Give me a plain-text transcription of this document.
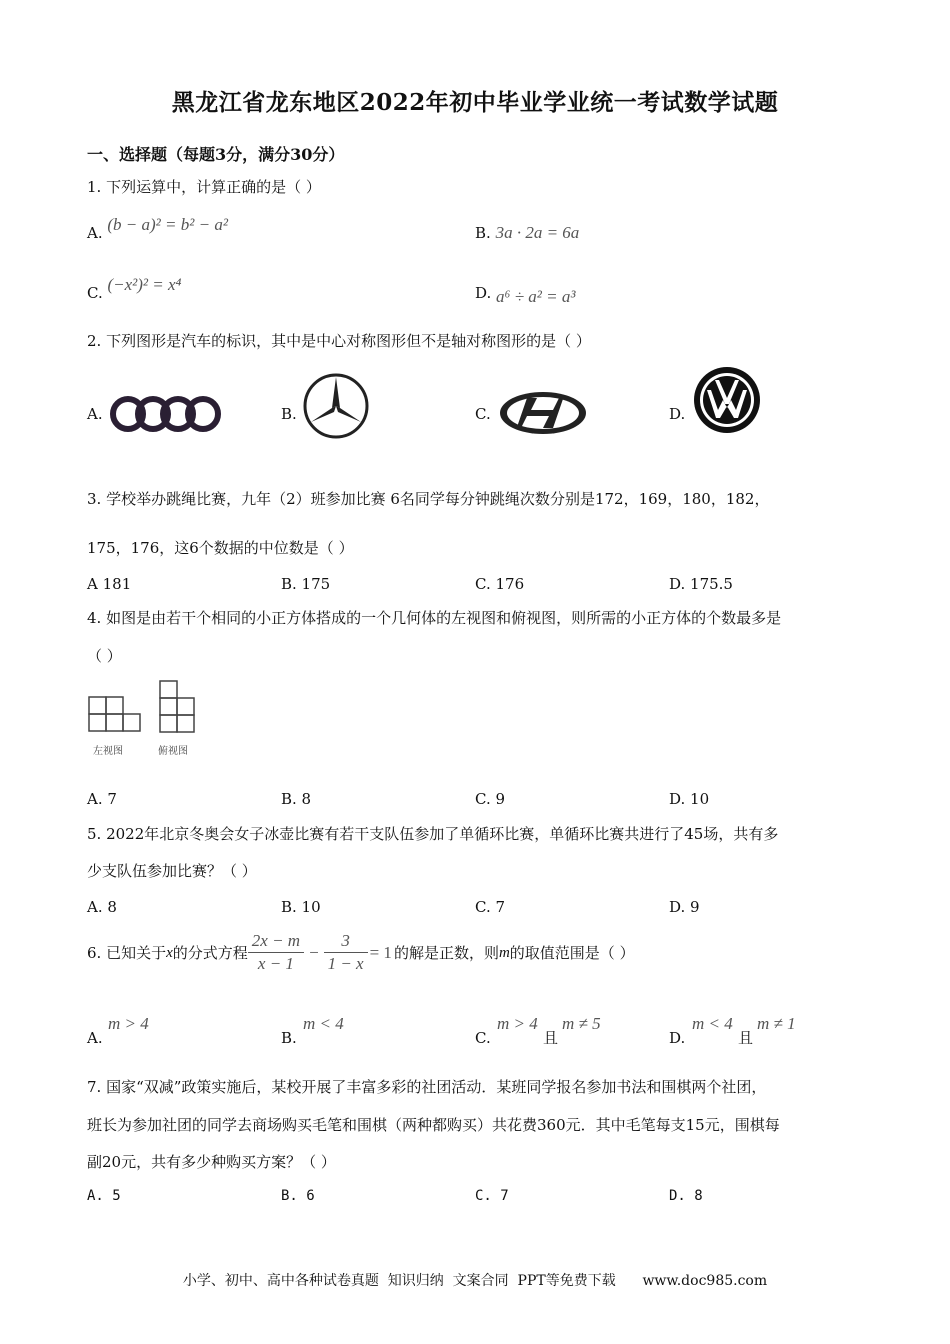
黑龙江省龙东地区2022年初中毕业学业统一考试数学试题
一、选择题（每题3分，满分30分）
1. 下列运算中，计算正确的是（ ）
A. (b − a)² = b² − a²	B. 3a · 2a = 6a
C. (−x²)² = x⁴	D. a⁶ ÷ a² = a³
2. 下列图形是汽车的标识，其中是中心对称图形但不是轴对称图形的是（ ）
A.	B.	C.	D.
3. 学校举办跳绳比赛，九年（2）班参加比赛 6名同学每分钟跳绳次数分别是172，169，180，182，
175，176，这6个数据的中位数是（ ）
A 181	B. 175	C. 176	D. 175.5
4. 如图是由若干个相同的小正方体搭成的一个几何体的左视图和俯视图，则所需的小正方体的个数最多是
（ ）
左视图	俯视图
A. 7	B. 8	C. 9	D. 10
5. 2022年北京冬奥会女子冰壶比赛有若干支队伍参加了单循环比赛，单循环比赛共进行了45场，共有多
少支队伍参加比赛？（ ）
A. 8	B. 10	C. 7	D. 9
6. 已知关于 x 的分式方程 $\frac{2x - m}{x - 1} - \frac{3}{1 - x} = 1$ 的解是正数，则 m 的取值范围是（ ）
A.
m > 4
B.
m < 4
C.
m > 4
且
m ≠ 5
D.
m < 4
且
m ≠ 1
7. 国家“双减”政策实施后，某校开展了丰富多彩的社团活动．某班同学报名参加书法和围棋两个社团，
班长为参加社团的同学去商场购买毛笔和围棋（两种都购买）共花费360元．其中毛笔每支15元，围棋每
副20元，共有多少种购买方案？（ ）
A. 5	B. 6	C. 7	D. 8
小学、初中、高中各种试卷真题  知识归纳  文案合同  PPT等免费下载      www.doc985.com
